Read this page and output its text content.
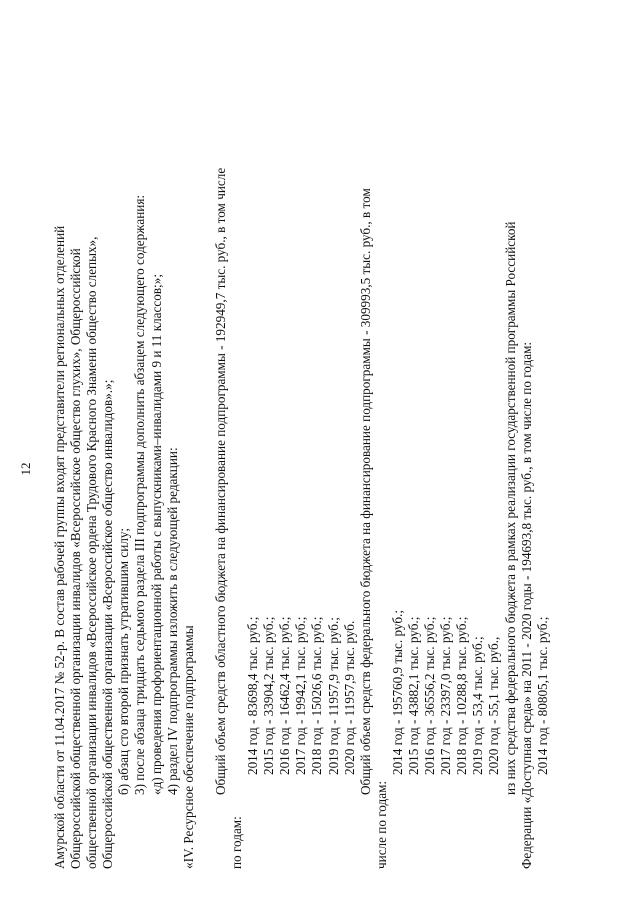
12 Амурской области от 11.04.2017 № 52-р. В состав рабочей группы входят представители региональных отделений Общероссийской общественной организации инвалидов «Всероссийское общество глухих», Общероссийской общественной организации инвалидов «Всероссийское ордена Трудового Красного Знамени общество слепых», Общероссийской общественной организации «Всероссийское общество инвалидов».»; б) абзац сто второй признать утратившим силу; 3) после абзаца тридцать седьмого раздела III подпрограммы дополнить абзацем следующего содержания: «д) проведения профориентационной работы с выпускниками–инвалидами 9 и 11 классов;»; 4) раздел IV подпрограммы изложить в следующей редакции: «IV. Ресурсное обеспечение подпрограммы Общий объем средств областного бюджета на финансирование подпрограммы - 192949,7 тыс. руб., в том числе
по годам:
2014 год - 83698,4 тыс. руб.; 2015 год - 33904,2 тыс. руб.; 2016 год - 16462,4 тыс. руб.; 2017 год - 19942,1 тыс. руб.; 2018 год - 15026,6 тыс. руб.; 2019 год - 11957,9 тыс. руб.; 2020 год - 11957,9 тыс. руб. Общий объем средств федерального бюджета на финансирование подпрограммы - 309993,5 тыс. руб., в том
числе по годам:
2014 год - 195760,9 тыс. руб.; 2015 год - 43882,1 тыс. руб.; 2016 год - 36556,2 тыс. руб.; 2017 год - 23397,0 тыс. руб.; 2018 год - 10288,8 тыс. руб.; 2019 год - 53,4 тыс. руб.; 2020 год - 55,1 тыс. руб., из них средства федерального бюджета в рамках реализации государственной программы Российской Федерации «Доступная среда» на 2011 - 2020 годы - 194693,8 тыс. руб., в том числе по годам: 2014 год - 80805,1 тыс. руб.;
